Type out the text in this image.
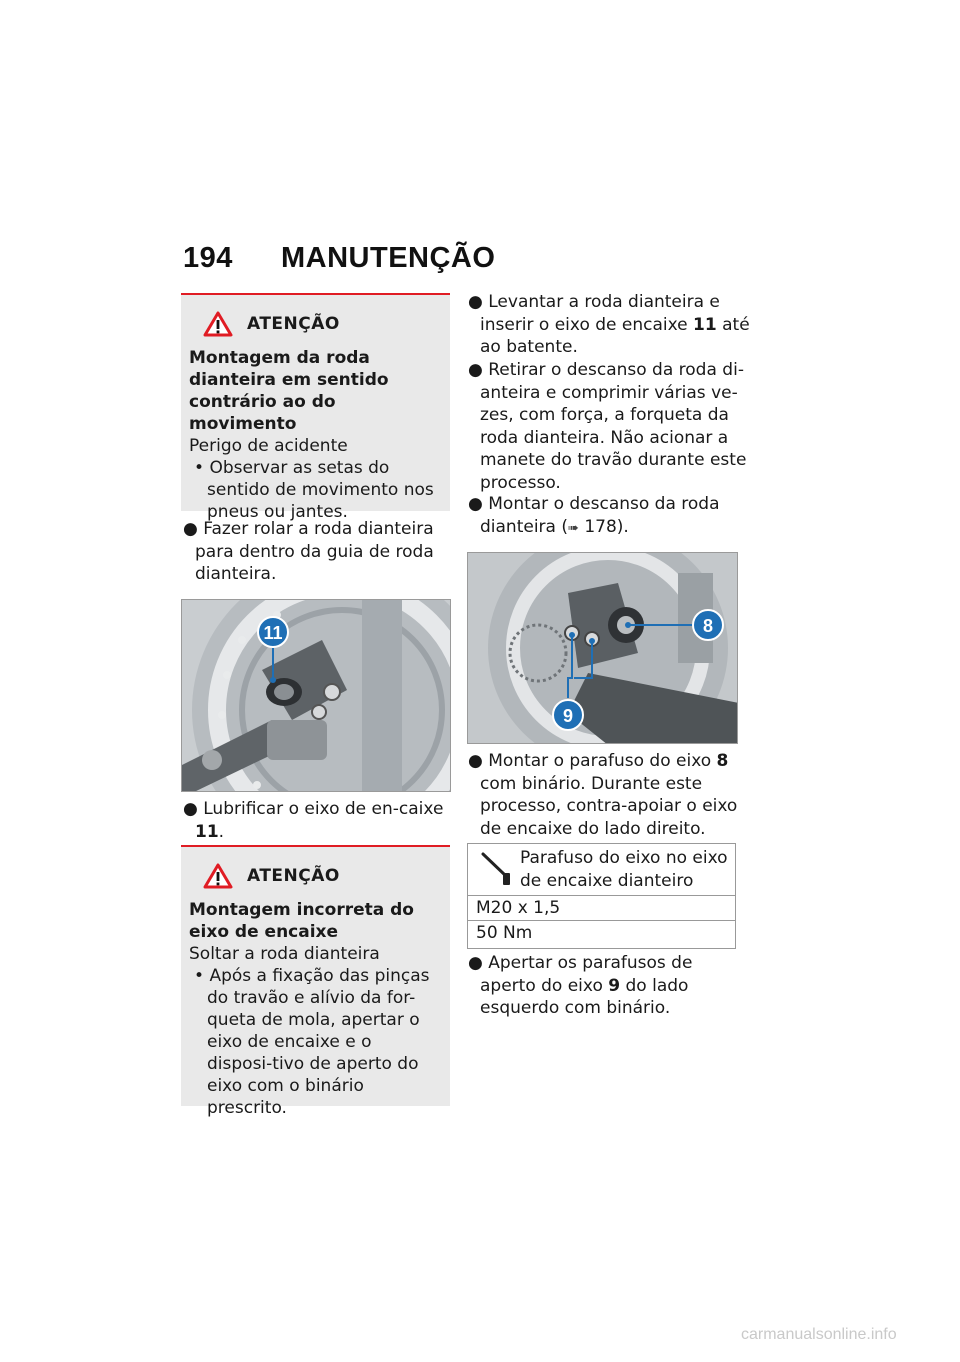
194 MANUTENÇÃO
ATENÇÃO
Montagem da roda dianteira em sentido contrário ao do movimento
Perigo de acidente
• Observar as setas do sentido de movimento nos pneus ou jantes.
● Fazer rolar a roda dianteira para dentro da guia de roda dianteira.
11
● Lubrificar o eixo de en-caixe 11.
ATENÇÃO
Montagem incorreta do eixo de encaixe
Soltar a roda dianteira
• Após a fixação das pinças do travão e alívio da for-queta de mola, apertar o eixo de encaixe e o disposi-tivo de aperto do eixo com o binário prescrito.
● Levantar a roda dianteira e inserir o eixo de encaixe 11 até ao batente.
● Retirar o descanso da roda di-anteira e comprimir várias ve-zes, com força, a forqueta da roda dianteira. Não acionar a manete do travão durante este processo.
● Montar o descanso da roda dianteira (➠ 178).
8
9
● Montar o parafuso do eixo 8 com binário. Durante este processo, contra-apoiar o eixo de encaixe do lado direito.
Parafuso do eixo no eixo de encaixe dianteiro
M20 x 1,5
50 Nm
● Apertar os parafusos de aperto do eixo 9 do lado esquerdo com binário.
carmanualsonline.info
